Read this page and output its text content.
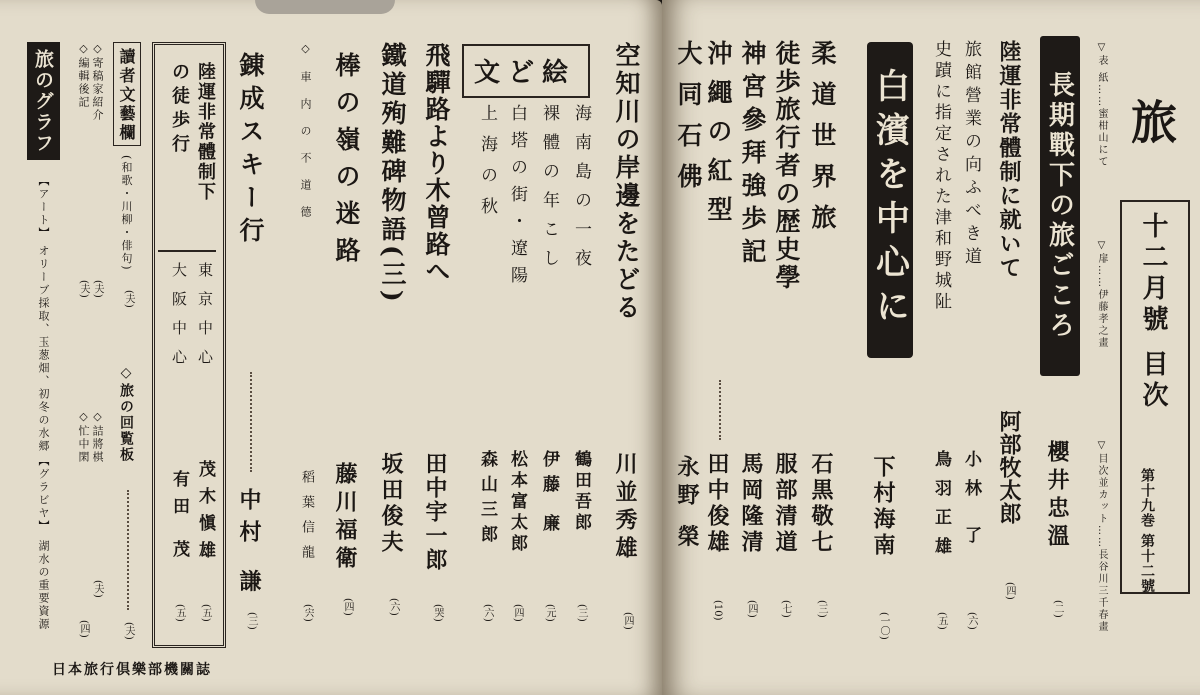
旅のグラフ
【アート】
オリーブ採取、玉葱畑、初冬の水郷
【グラビヤ】
湖水の重要資源
◇寄稿家紹介
(夫)
◇編輯後記
(夫)
◇詰將棋
(夫)
◇忙中閑
(四)
讀者文藝欄
(和歌・川柳・俳句)
(夫)
◇旅の回覧板
(夫)
陸運非常體制下
の徒歩行
東京中心
茂木愼雄
(五)
大阪中心
有田 茂
(五)
錬成スキー行
中村 謙
(三)
◇車内の不道德
稻葉信龍
(宍)
棒の嶺の迷路
藤川福衛
(四)
鐵道殉難碑物語(三)
坂田俊夫
(六)
飛驒路より木曾路へ
田中宇一郎
(哭)
文ど絵
上海の秋
森山三郎
(六)
白塔の街・遼陽
松本富太郎
(四)
裸體の年こし
伊藤 廉
(元)
海南島の一夜
鶴田吾郎
(三)
空知川の岸邊をたどる
川並秀雄
(四)
日本旅行倶樂部機關誌
大同石佛
永野 榮
沖繩の紅型
田中俊雄
(10)
神宮參拜強歩記
馬岡隆清
(四)
徒歩旅行者の歴史學
服部清道
(七)
柔道世界旅
石黒敬七
(三)
白濱を中心に
下村海南
(一〇)
史蹟に指定された津和野城阯
鳥羽正雄
(五)
旅館營業の向ふべき道
小林 了
(六)
陸運非常體制に就いて
阿部牧太郎
(四)
長期戰下の旅ごころ
櫻井忠溫
(二)
▽表 紙……蜜柑山にて
▽扉……伊藤孝之畫
▽目次並カット……長谷川三千春畫
旅
十二月號 目次
第十九巻 第十二號
